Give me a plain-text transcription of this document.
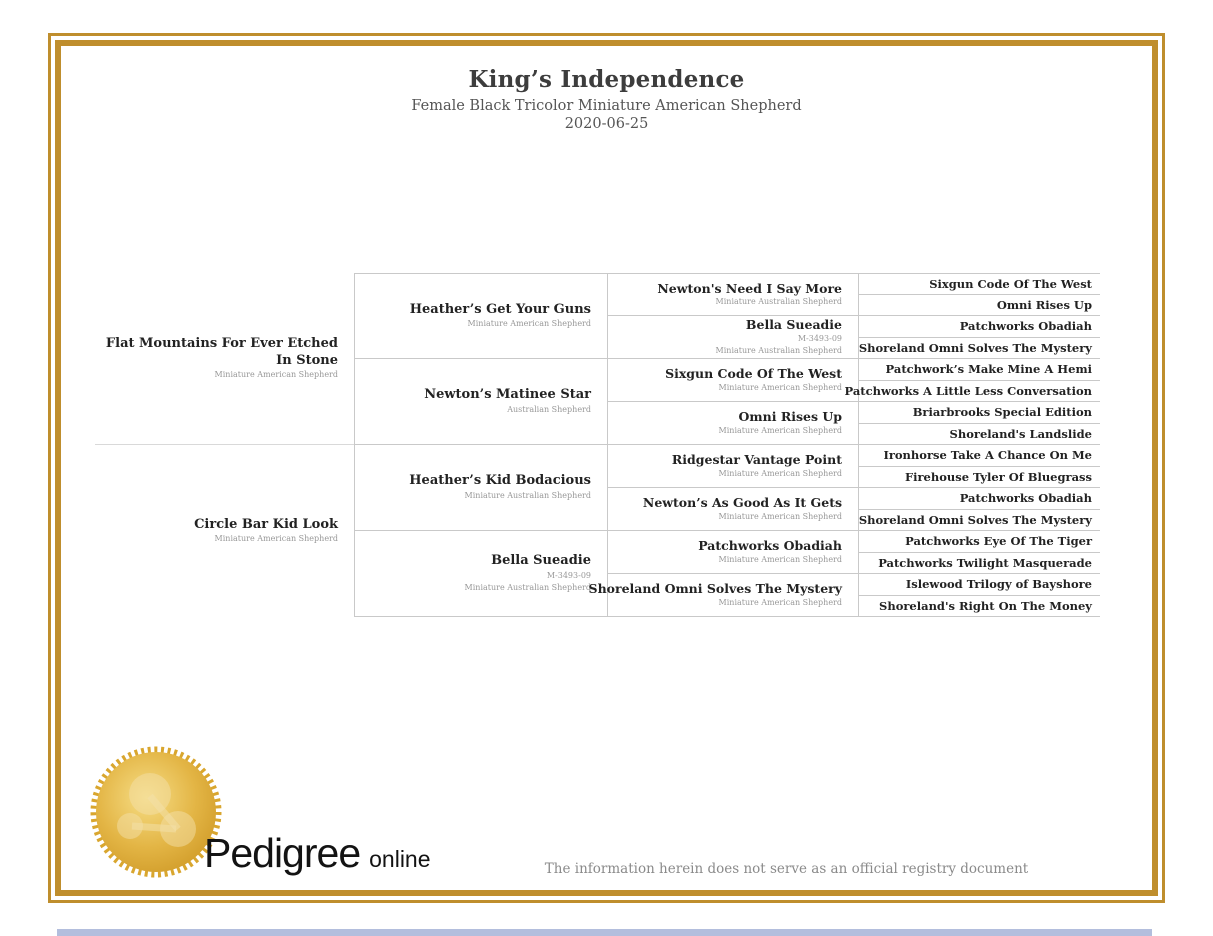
King’s Independence

Female Black Tricolor Miniature American Shepherd

2020-06-25

Flat Mountains For Ever Etched In Stone
Miniature American Shepherd
Circle Bar Kid Look
Miniature American Shepherd
Heather’s Get Your Guns
Miniature American Shepherd
Newton’s Matinee Star
Australian Shepherd
Heather’s Kid Bodacious
Miniature Australian Shepherd
Bella Sueadie
M-3493-09
Miniature Australian Shepherd
Newton's Need I Say More
Miniature Australian Shepherd
Bella Sueadie
M-3493-09
Miniature Australian Shepherd
Sixgun Code Of The West
Miniature American Shepherd
Omni Rises Up
Miniature American Shepherd
Ridgestar Vantage Point
Miniature American Shepherd
Newton’s As Good As It Gets
Miniature American Shepherd
Patchworks Obadiah
Miniature American Shepherd
Shoreland Omni Solves The Mystery
Miniature American Shepherd
Sixgun Code Of The West
Omni Rises Up
Patchworks Obadiah
Shoreland Omni Solves The Mystery
Patchwork’s Make Mine A Hemi
Patchworks A Little Less Conversation
Briarbrooks Special Edition
Shoreland's Landslide
Ironhorse Take A Chance On Me
Firehouse Tyler Of Bluegrass
Patchworks Obadiah
Shoreland Omni Solves The Mystery
Patchworks Eye Of The Tiger
Patchworks Twilight Masquerade
Islewood Trilogy of Bayshore
Shoreland's Right On The Money
Pedigree online	The information herein does not serve as an official registry document
